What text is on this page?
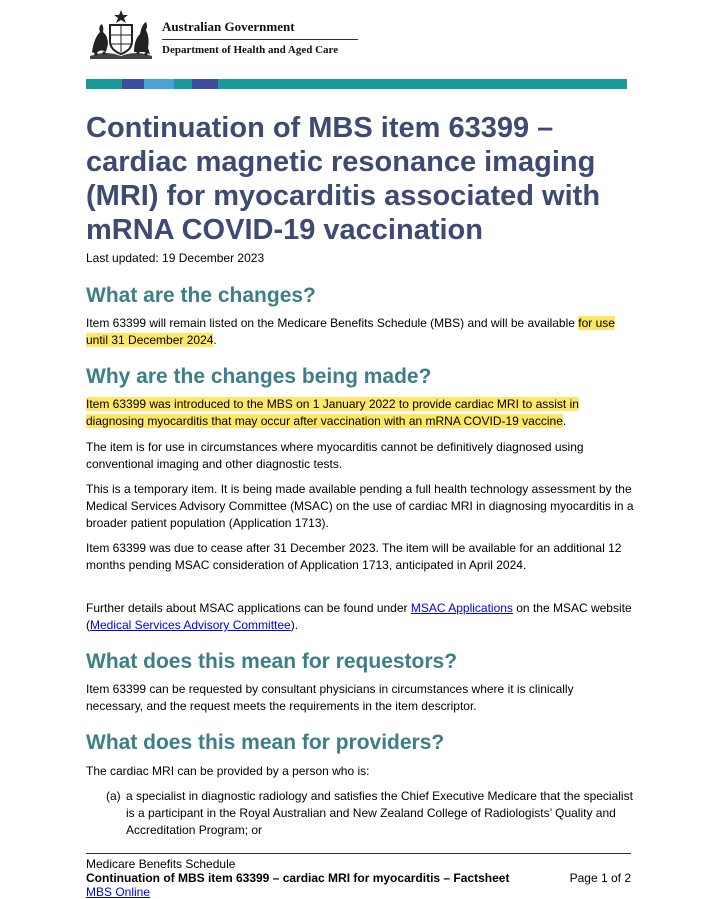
Australian Government
Department of Health and Aged Care
Continuation of MBS item 63399 – cardiac magnetic resonance imaging (MRI) for myocarditis associated with mRNA COVID-19 vaccination
Last updated: 19 December 2023
What are the changes?

Item 63399 will remain listed on the Medicare Benefits Schedule (MBS) and will be available for use until 31 December 2024.

Why are the changes being made?

Item 63399 was introduced to the MBS on 1 January 2022 to provide cardiac MRI to assist in diagnosing myocarditis that may occur after vaccination with an mRNA COVID-19 vaccine.

The item is for use in circumstances where myocarditis cannot be definitively diagnosed using conventional imaging and other diagnostic tests.

This is a temporary item. It is being made available pending a full health technology assessment by the Medical Services Advisory Committee (MSAC) on the use of cardiac MRI in diagnosing myocarditis in a broader patient population (Application 1713).

Item 63399 was due to cease after 31 December 2023. The item will be available for an additional 12 months pending MSAC consideration of Application 1713, anticipated in April 2024.

Further details about MSAC applications can be found under MSAC Applications on the MSAC website (Medical Services Advisory Committee).

What does this mean for requestors?

Item 63399 can be requested by consultant physicians in circumstances where it is clinically necessary, and the request meets the requirements in the item descriptor.

What does this mean for providers?

The cardiac MRI can be provided by a person who is:

(a) a specialist in diagnostic radiology and satisfies the Chief Executive Medicare that the specialist is a participant in the Royal Australian and New Zealand College of Radiologists’ Quality and Accreditation Program; or
Medicare Benefits Schedule
Continuation of MBS item 63399 – cardiac MRI for myocarditis – Factsheet
MBS Online
Page 1 of 2
